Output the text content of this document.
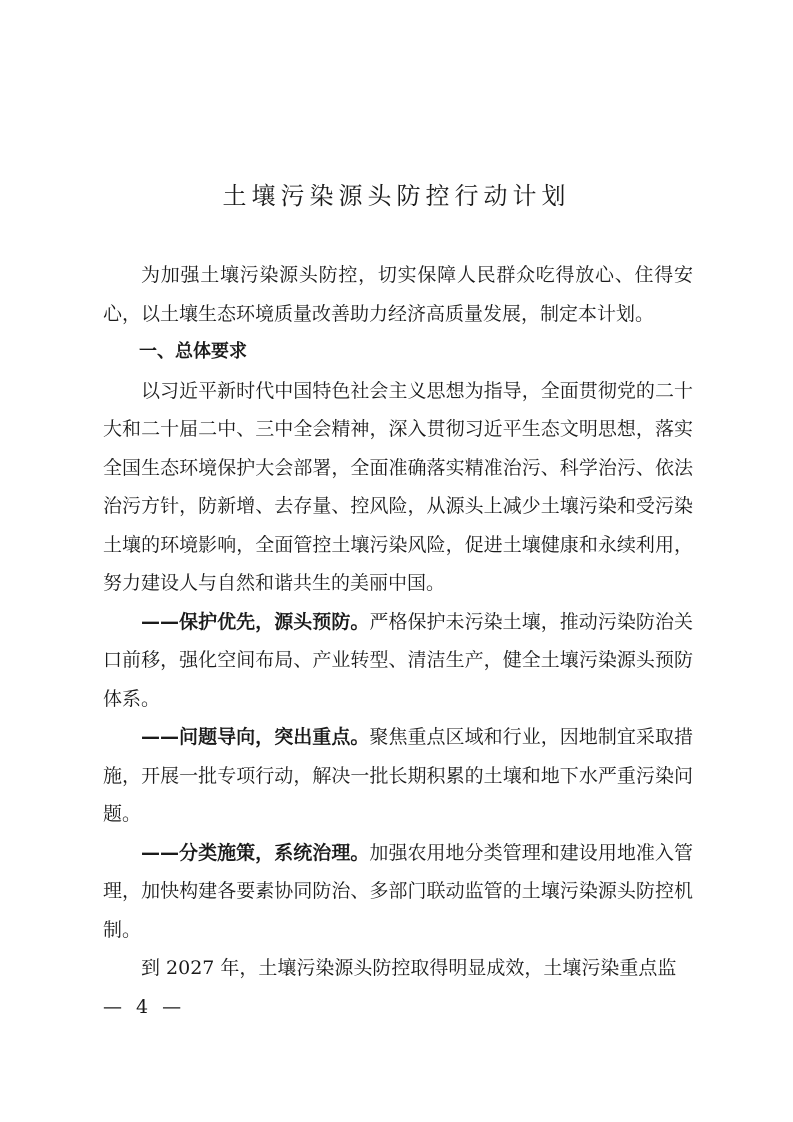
土壤污染源头防控行动计划

为加强土壤污染源头防控，切实保障人民群众吃得放心、住得安心，以土壤生态环境质量改善助力经济高质量发展，制定本计划。

一、总体要求

以习近平新时代中国特色社会主义思想为指导，全面贯彻党的二十大和二十届二中、三中全会精神，深入贯彻习近平生态文明思想，落实全国生态环境保护大会部署，全面准确落实精准治污、科学治污、依法治污方针，防新增、去存量、控风险，从源头上减少土壤污染和受污染土壤的环境影响，全面管控土壤污染风险，促进土壤健康和永续利用，努力建设人与自然和谐共生的美丽中国。

——保护优先，源头预防。严格保护未污染土壤，推动污染防治关口前移，强化空间布局、产业转型、清洁生产，健全土壤污染源头预防体系。

——问题导向，突出重点。聚焦重点区域和行业，因地制宜采取措施，开展一批专项行动，解决一批长期积累的土壤和地下水严重污染问题。

——分类施策，系统治理。加强农用地分类管理和建设用地准入管理，加快构建各要素协同防治、多部门联动监管的土壤污染源头防控机制。

到 2027 年，土壤污染源头防控取得明显成效，土壤污染重点监

— 4 —
